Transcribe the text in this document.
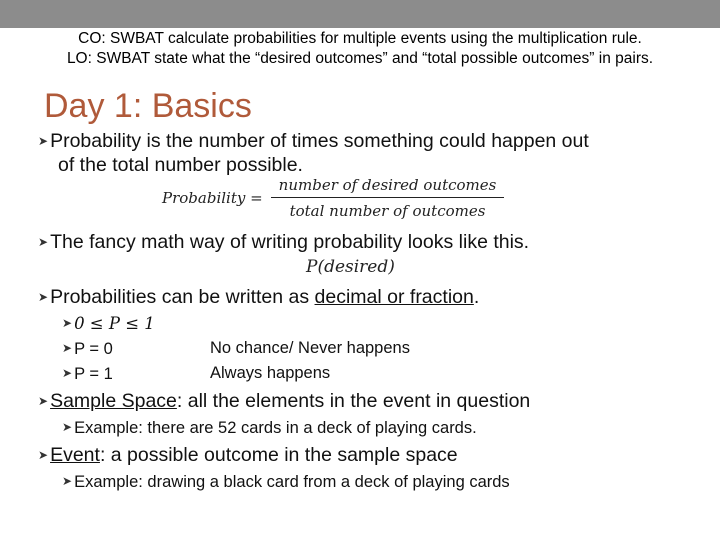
CO: SWBAT calculate probabilities for multiple events using the multiplication rule.
LO: SWBAT state what the “desired outcomes” and “total possible outcomes” in pairs.
Day 1: Basics
➤ Probability is the number of times something could happen out
of the total number possible.
Probability = $\frac{\text{number of desired outcomes}}{\text{total number of outcomes}}$
➤ The fancy math way of writing probability looks like this.
P(desired)
➤ Probabilities can be written as decimal or fraction.
➤ 0 ≤ P ≤ 1
➤ P = 0	No chance/ Never happens
➤ P = 1	Always happens
➤ Sample Space: all the elements in the event in question
➤ Example: there are 52 cards in a deck of playing cards.
➤ Event: a possible outcome in the sample space
➤ Example: drawing a black card from a deck of playing cards
